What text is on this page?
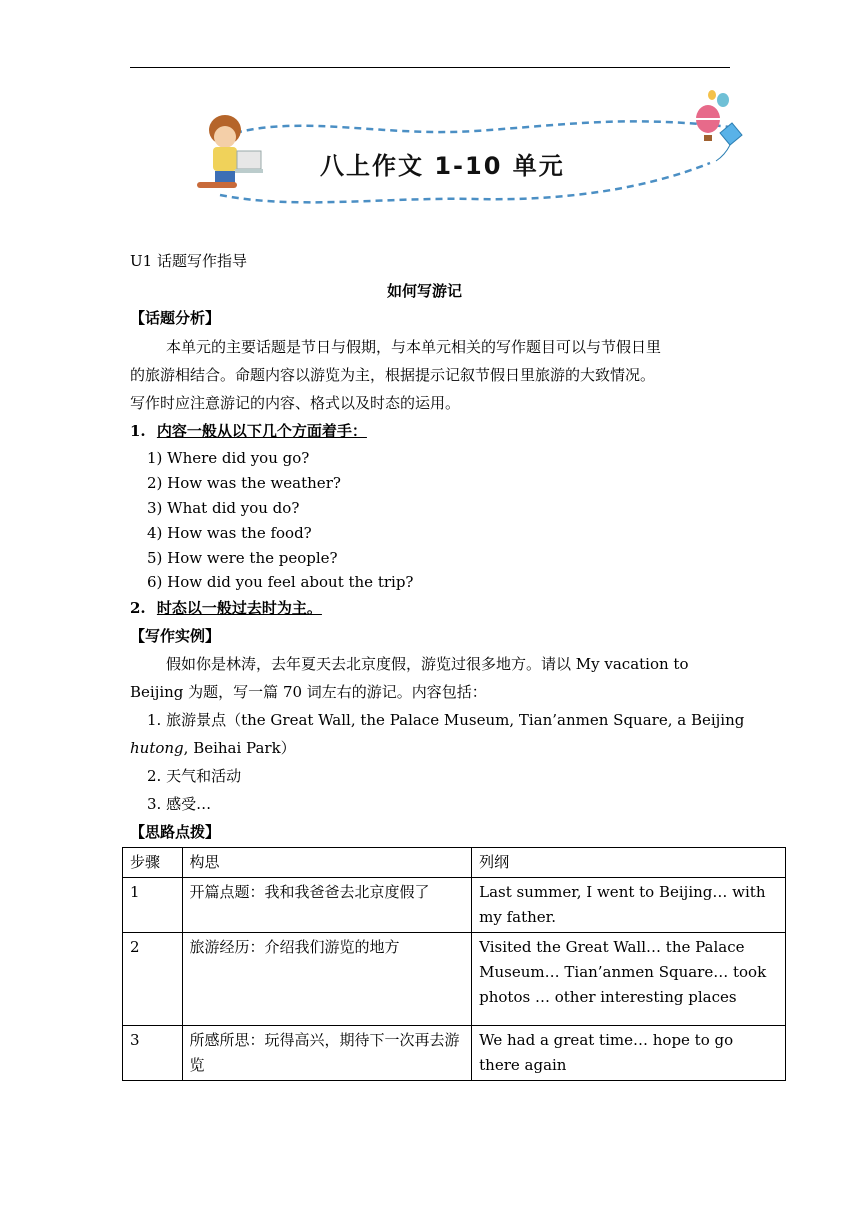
八上作文 1-10 单元
U1 话题写作指导
如何写游记
【话题分析】
本单元的主要话题是节日与假期，与本单元相关的写作题目可以与节假日里
的旅游相结合。命题内容以游览为主，根据提示记叙节假日里旅游的大致情况。
写作时应注意游记的内容、格式以及时态的运用。
1. 内容一般从以下几个方面着手：
1) Where did you go?
2) How was the weather?
3) What did you do?
4) How was the food?
5) How were the people?
6) How did you feel about the trip?
2. 时态以一般过去时为主。
【写作实例】
假如你是林涛，去年夏天去北京度假，游览过很多地方。请以 My vacation to
Beijing 为题，写一篇 70 词左右的游记。内容包括：
1. 旅游景点（the Great Wall, the Palace Museum, Tian’anmen Square, a Beijing
hutong, Beihai Park）
2. 天气和活动
3. 感受…
【思路点拨】
步骤	构思	列纲
1	开篇点题：我和我爸爸去北京度假了	Last summer, I went to Beijing… with my father.
2	旅游经历：介绍我们游览的地方	Visited the Great Wall… the Palace Museum… Tian’anmen Square… took photos … other interesting places
3	所感所思：玩得高兴，期待下一次再去游览	We had a great time… hope to go there again
